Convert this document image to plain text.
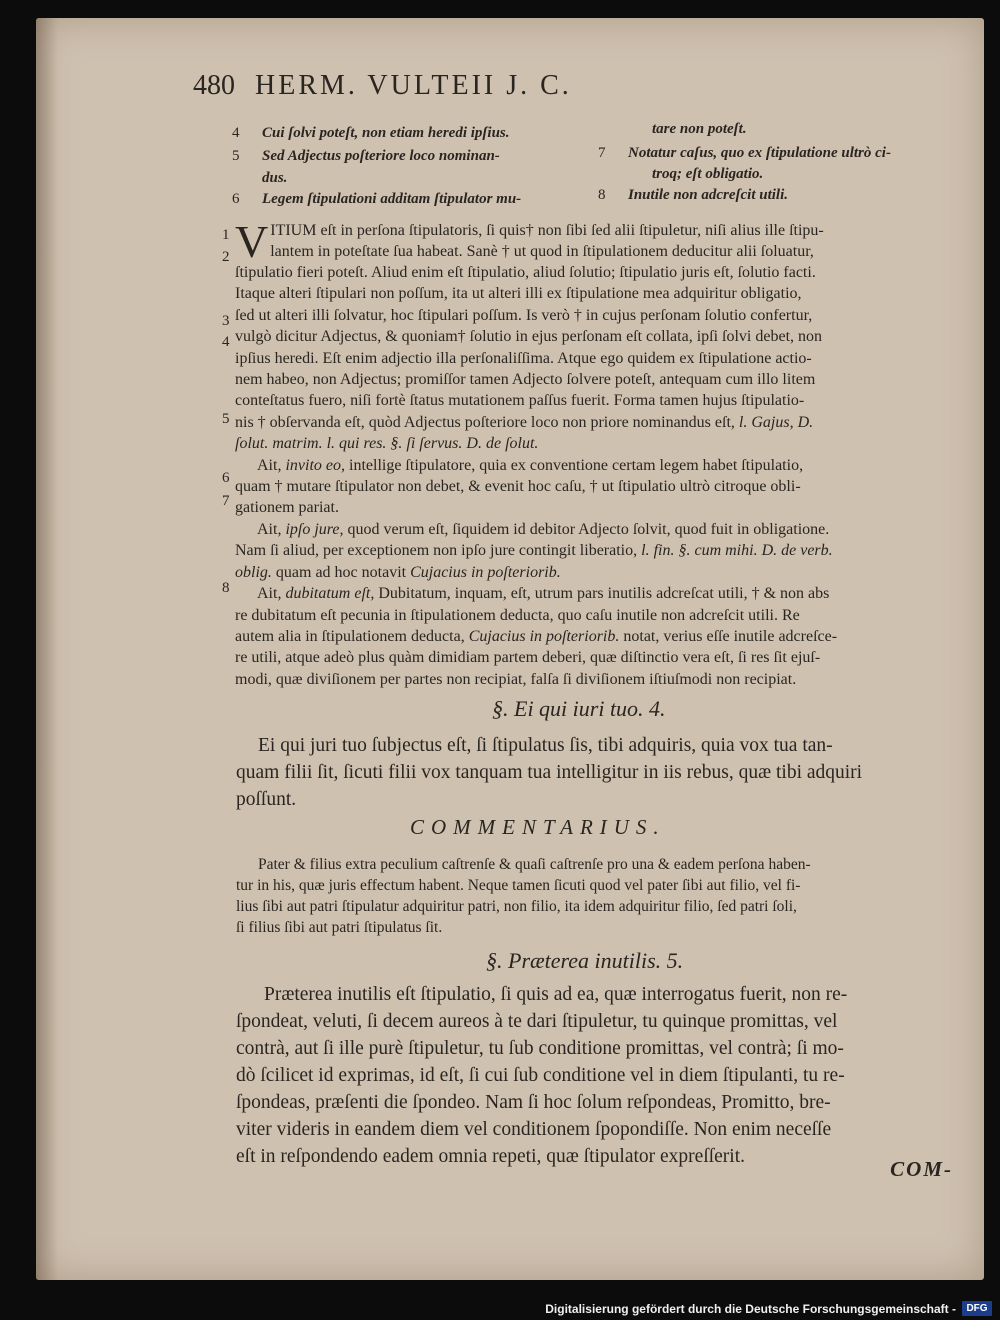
480 HERM. VULTEII J. C.
4 Cui ſolvi poteſt, non etiam heredi ipſius.
5 Sed Adjectus poſteriore loco nominan-
dus.
6 Legem ſtipulationi additam ſtipulator mu-
tare non poteſt.
7 Notatur caſus, quo ex ſtipulatione ultrò ci-
troq; eſt obligatio.
8 Inutile non adcreſcit utili.
1
2
3
4
5
6
7
8
V ITIUM eſt in perſona ſtipulatoris, ſi quis† non ſibi ſed alii ſtipuletur, niſi alius ille ſtipu-
lantem in poteſtate ſua habeat. Sanè † ut quod in ſtipulationem deducitur alii ſoluatur,
ſtipulatio fieri poteſt. Aliud enim eſt ſtipulatio, aliud ſolutio; ſtipulatio juris eſt, ſolutio facti.
Itaque alteri ſtipulari non poſſum, ita ut alteri illi ex ſtipulatione mea adquiritur obligatio,
ſed ut alteri illi ſolvatur, hoc ſtipulari poſſum. Is verò † in cujus perſonam ſolutio confertur,
vulgò dicitur Adjectus, & quoniam† ſolutio in ejus perſonam eſt collata, ipſi ſolvi debet, non
ipſius heredi. Eſt enim adjectio illa perſonaliſſima. Atque ego quidem ex ſtipulatione actio-
nem habeo, non Adjectus; promiſſor tamen Adjecto ſolvere poteſt, antequam cum illo litem
conteſtatus fuero, niſi fortè ſtatus mutationem paſſus fuerit. Forma tamen hujus ſtipulatio-
nis † obſervanda eſt, quòd Adjectus poſteriore loco non priore nominandus eſt, l. Gajus, D.
ſolut. matrim. l. qui res. §. ſi ſervus. D. de ſolut.
Ait, invito eo, intellige ſtipulatore, quia ex conventione certam legem habet ſtipulatio,
quam † mutare ſtipulator non debet, & evenit hoc caſu, † ut ſtipulatio ultrò citroque obli-
gationem pariat.
Ait, ipſo jure, quod verum eſt, ſiquidem id debitor Adjecto ſolvit, quod fuit in obligatione.
Nam ſi aliud, per exceptionem non ipſo jure contingit liberatio, l. fin. §. cum mihi. D. de verb.
oblig. quam ad hoc notavit Cujacius in poſteriorib.
Ait, dubitatum eſt, Dubitatum, inquam, eſt, utrum pars inutilis adcreſcat utili, † & non abs
re dubitatum eſt pecunia in ſtipulationem deducta, quo caſu inutile non adcreſcit utili. Re
autem alia in ſtipulationem deducta, Cujacius in poſteriorib. notat, verius eſſe inutile adcreſce-
re utili, atque adeò plus quàm dimidiam partem deberi, quæ diſtinctio vera eſt, ſi res ſit ejuſ-
modi, quæ diviſionem per partes non recipiat, falſa ſi diviſionem iſtiuſmodi non recipiat.
§. Ei qui iuri tuo. 4.
Ei qui juri tuo ſubjectus eſt, ſi ſtipulatus ſis, tibi adquiris, quia vox tua tan-
quam filii ſit, ſicuti filii vox tanquam tua intelligitur in iis rebus, quæ tibi adquiri
poſſunt.
COMMENTARIUS.
Pater & filius extra peculium caſtrenſe & quaſi caſtrenſe pro una & eadem perſona haben-
tur in his, quæ juris effectum habent. Neque tamen ſicuti quod vel pater ſibi aut filio, vel fi-
lius ſibi aut patri ſtipulatur adquiritur patri, non filio, ita idem adquiritur filio, ſed patri ſoli,
ſi filius ſibi aut patri ſtipulatus ſit.
§. Præterea inutilis. 5.
Præterea inutilis eſt ſtipulatio, ſi quis ad ea, quæ interrogatus fuerit, non re-
ſpondeat, veluti, ſi decem aureos à te dari ſtipuletur, tu quinque promittas, vel
contrà, aut ſi ille purè ſtipuletur, tu ſub conditione promittas, vel contrà; ſi mo-
dò ſcilicet id exprimas, id eſt, ſi cui ſub conditione vel in diem ſtipulanti, tu re-
ſpondeas, præſenti die ſpondeo. Nam ſi hoc ſolum reſpondeas, Promitto, bre-
viter videris in eandem diem vel conditionem ſpopondiſſe. Non enim neceſſe
eſt in reſpondendo eadem omnia repeti, quæ ſtipulator expreſſerit.
COM-
Digitalisierung gefördert durch die Deutsche Forschungsgemeinschaft -	DFG
